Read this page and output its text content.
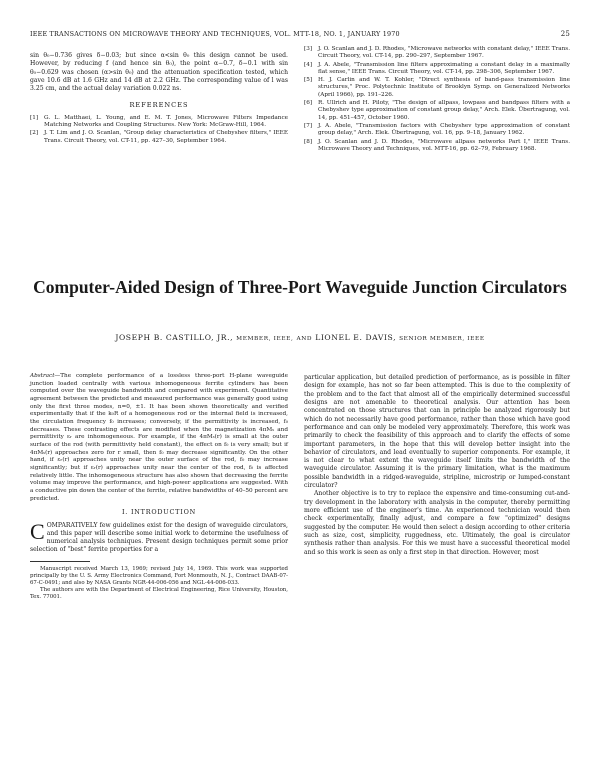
IEEE TRANSACTIONS ON MICROWAVE THEORY AND TECHNIQUES, VOL. MTT-18, NO. 1, JANUARY 1970	25

sin θ₀−0.736 gives δ−0.03; but since α<sin θ₀ this design cannot be used. However, by reducing f (and hence sin θ₀), the point α−0.7, δ−0.1 with sin θ₀−0.629 was chosen (α>sin θ₀) and the attenuation specification tested, which gave 10.6 dB at 1.6 GHz and 14 dB at 2.2 GHz. The corresponding value of l was 3.25 cm, and the actual delay variation 0.022 ns.

REFERENCES
[1]	G. L. Matthaei, L. Young, and E. M. T. Jones, Microwave Filters Impedance Matching Networks and Coupling Structures. New York: McGraw-Hill, 1964.
[2]	J. T. Lim and J. O. Scanlan, "Group delay characteristics of Chebyshev filters," IEEE Trans. Circuit Theory, vol. CT-11, pp. 427–30, September 1964.
[3]	J. O. Scanlan and J. D. Rhodes, "Microwave networks with constant delay," IEEE Trans. Circuit Theory, vol. CT-14, pp. 290–297, September 1967.
[4]	J. A. Abele, "Transmission line filters approximating a constant delay in a maximally flat sense," IEEE Trans. Circuit Theory, vol. CT-14, pp. 298–306, September 1967.
[5]	H. J. Carlin and W. T. Kohler, "Direct synthesis of band-pass transmission line structures," Proc. Polytechnic Institute of Brooklyn Symp. on Generalized Networks (April 1966), pp. 191–226.
[6]	R. Ullrich and H. Piloty, "The design of allpass, lowpass and bandpass filters with a Chebyshev type approximation of constant group delay," Arch. Elek. Übertragung, vol. 14, pp. 451–457, October 1960.
[7]	J. A. Abele, "Transmission factors with Chebyshev type approximation of constant group delay," Arch. Elek. Übertragung, vol. 16, pp. 9–18, January 1962.
[8]	J. O. Scanlan and J. D. Rhodes, "Microwave allpass networks Part I," IEEE Trans. Microwave Theory and Techniques, vol. MTT-16, pp. 62–79, February 1968.
Computer-Aided Design of Three-Port Waveguide Junction Circulators
JOSEPH B. CASTILLO, JR., MEMBER, IEEE, AND LIONEL E. DAVIS, SENIOR MEMBER, IEEE

Abstract—The complete performance of a lossless three-port H-plane waveguide junction loaded centrally with various inhomogeneous ferrite cylinders has been computed over the waveguide bandwidth and compared with experiment. Quantitative agreement between the predicted and measured performance was generally good using only the first three modes, n=0, ±1. It has been shown theoretically and verified experimentally that if the k₀R of a homogeneous rod or the internal field is increased, the circulation frequency f₀ increases; conversely, if the permittivity is increased, f₀ decreases. These contrasting effects are modified when the magnetization 4πMₛ and permittivity εᵣ are inhomogeneous. For example, if the 4πMₛ(r) is small at the outer surface of the rod (with permittivity held constant), the effect on f₀ is very small; but if 4πMₛ(r) approaches zero for r small, then f₀ may decrease significantly. On the other hand, if εᵣ(r) approaches unity near the outer surface of the rod, f₀ may increase significantly; but if εᵣ(r) approaches unity near the center of the rod, f₀ is affected relatively little. The inhomogeneous structure has also shown that decreasing the ferrite volume may improve the performance, and high-power applications are suggested. With a conductive pin down the center of the ferrite, relative bandwidths of 40–50 percent are predicted.

I. INTRODUCTION

COMPARATIVELY few guidelines exist for the design of waveguide circulators, and this paper will describe some initial work to determine the usefulness of numerical analysis techniques. Present design techniques permit some prior selection of "best" ferrite properties for a

Manuscript received March 13, 1969; revised July 14, 1969. This work was supported principally by the U. S. Army Electronics Command, Fort Monmouth, N. J., Contract DAAB-07-67-C-0491; and also by NASA Grants NGR-44-006-056 and NGL-44-006-033.

The authors are with the Department of Electrical Engineering, Rice University, Houston, Tex. 77001.

particular application, but detailed prediction of performance, as is possible in filter design for example, has not so far been attempted. This is due to the complexity of the problem and to the fact that almost all of the empirically determined successful designs are not amenable to theoretical analysis. Our attention has been concentrated on those structures that can in principle be analyzed rigorously but which do not necessarily have good performance, rather than those which have good performance and can only be modeled very approximately. Therefore, this work was primarily to check the feasibility of this approach and to clarify the effects of some important parameters, in the hope that this will develop better insight into the behavior of circulators, and lead eventually to superior components. For example, it is not clear to what extent the waveguide itself limits the bandwidth of the waveguide circulator. Assuming it is the primary limitation, what is the maximum possible bandwidth in a ridged-waveguide, stripline, microstrip or lumped-constant circulator?

Another objective is to try to replace the expensive and time-consuming cut-and-try development in the laboratory with analysis in the computer, thereby permitting more efficient use of the engineer's time. An experienced technician would then check experimentally, finally adjust, and compare a few "optimized" designs suggested by the computer. He would then select a design according to other criteria such as size, cost, simplicity, ruggedness, etc. Ultimately, the goal is circulator synthesis rather than analysis. For this we must have a successful theoretical model and so this work is seen as only a first step in that direction. However, most
